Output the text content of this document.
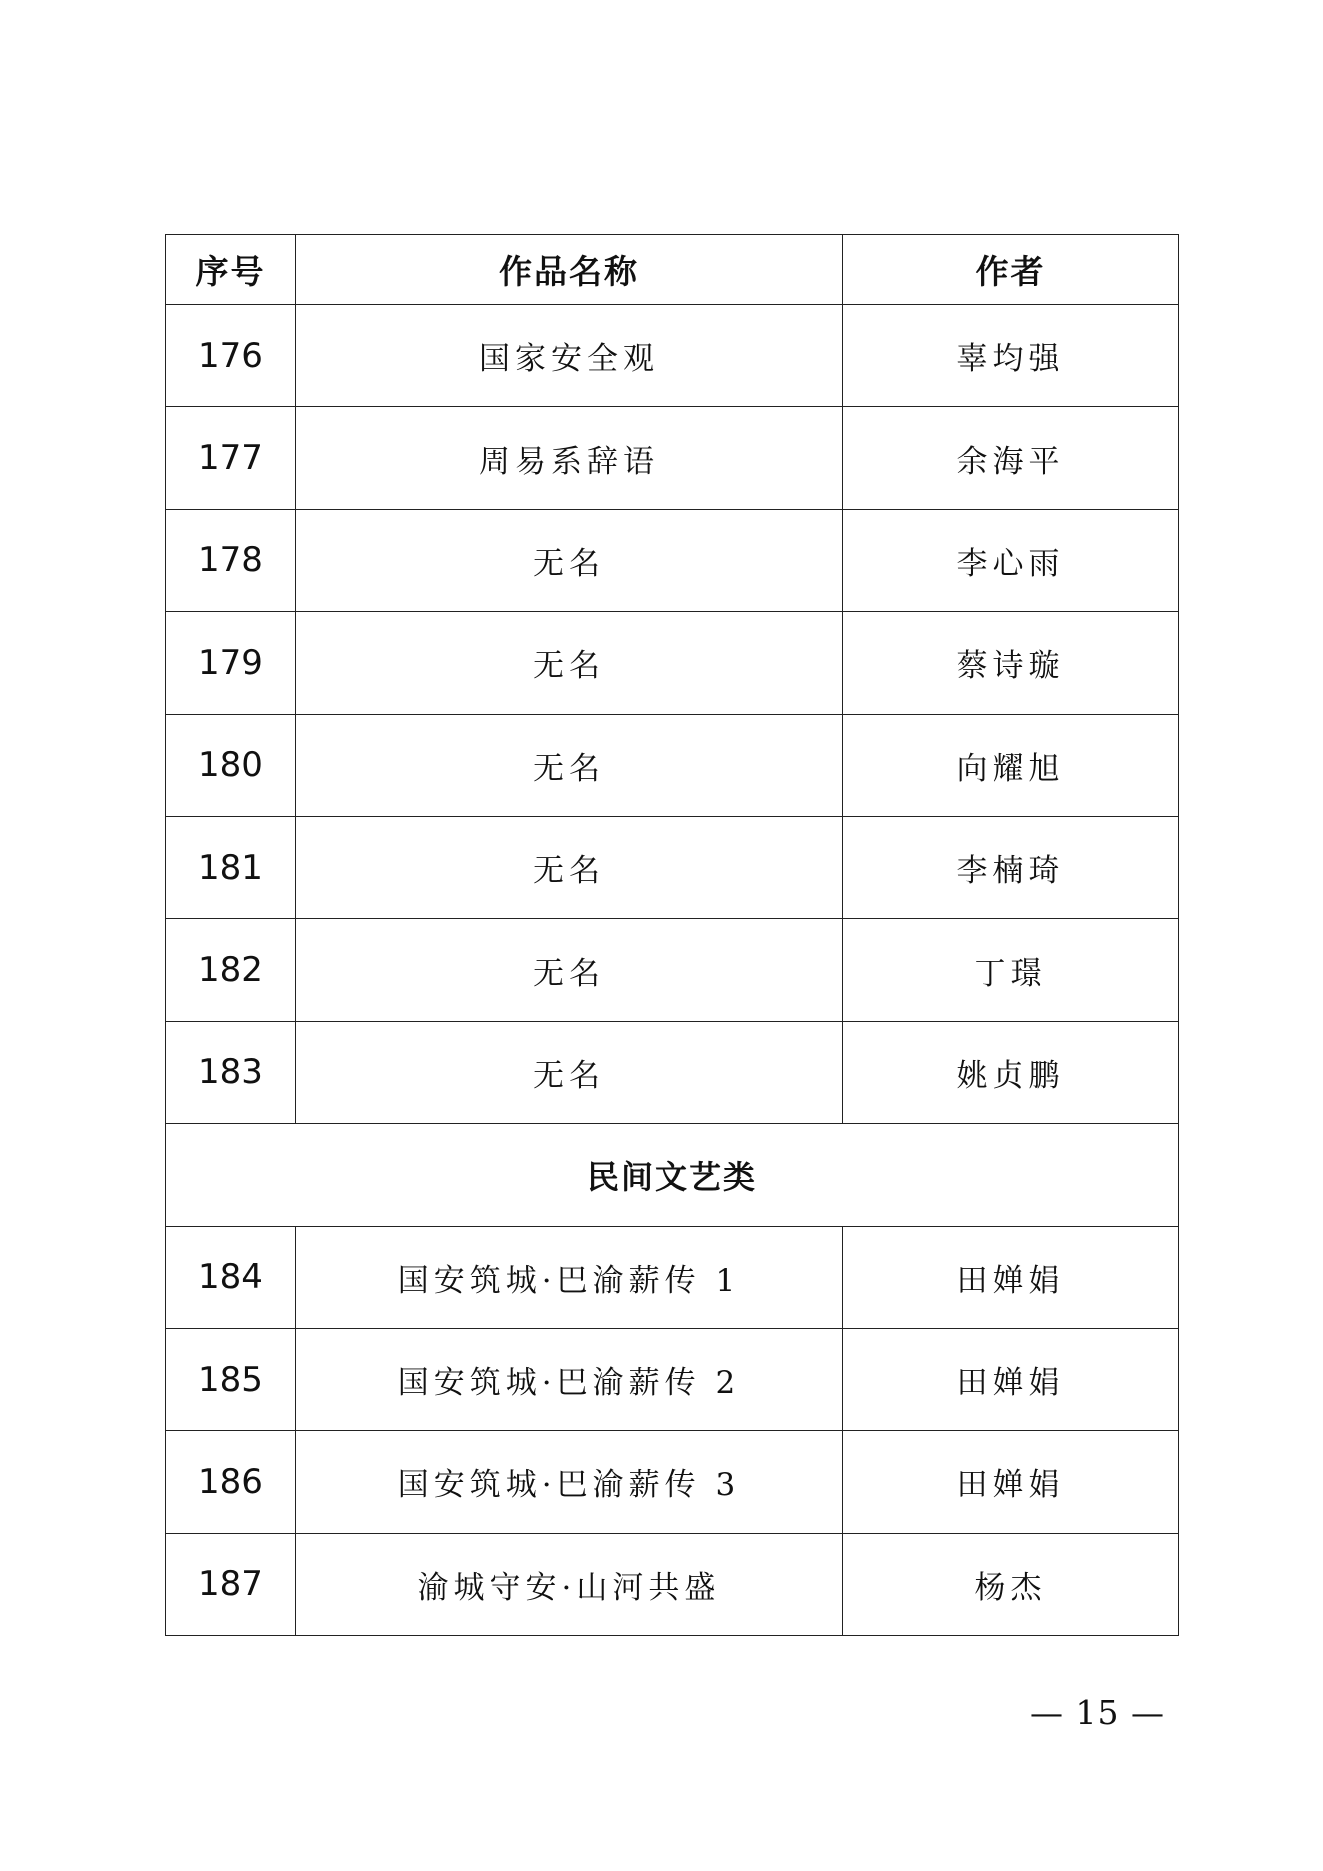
序号	作品名称	作者
176	国家安全观	辜均强
177	周易系辞语	余海平
178	无名	李心雨
179	无名	蔡诗璇
180	无名	向耀旭
181	无名	李楠琦
182	无名	丁璟
183	无名	姚贞鹏
民间文艺类		
184	国安筑城·巴渝薪传 1	田婵娟
185	国安筑城·巴渝薪传 2	田婵娟
186	国安筑城·巴渝薪传 3	田婵娟
187	渝城守安·山河共盛	杨杰
— 15 —
